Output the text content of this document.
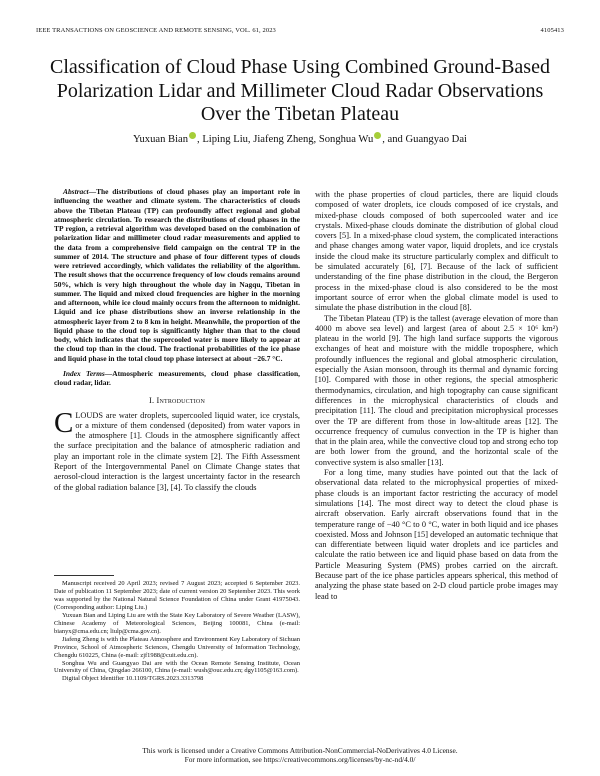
IEEE TRANSACTIONS ON GEOSCIENCE AND REMOTE SENSING, VOL. 61, 2023	4105413
Classification of Cloud Phase Using Combined Ground-Based Polarization Lidar and Millimeter Cloud Radar Observations Over the Tibetan Plateau
Yuxuan Bian , Liping Liu, Jiafeng Zheng, Songhua Wu , and Guangyao Dai

Abstract—The distributions of cloud phases play an important role in influencing the weather and climate system. The characteristics of clouds above the Tibetan Plateau (TP) can profoundly affect regional and global atmospheric circulation. To research the distributions of cloud phases in the TP region, a retrieval algorithm was developed based on the combination of polarization lidar and millimeter cloud radar measurements and applied to the data from a comprehensive field campaign on the central TP in the summer of 2014. The structure and phase of four different types of clouds were retrieved accordingly, which validates the reliability of the algorithm. The result shows that the occurrence frequency of low clouds remains around 50%, which is very high throughout the whole day in Nagqu, Tibetan in summer. The liquid and mixed cloud frequencies are higher in the morning and afternoon, while ice cloud mainly occurs from the afternoon to midnight. Liquid and ice phase distributions show an inverse relationship in the atmospheric layer from 2 to 8 km in height. Meanwhile, the proportion of the liquid phase to the cloud top is significantly higher than that to the cloud body, which indicates that the supercooled water is more likely to appear at the cloud top than in the cloud. The fractional probabilities of the ice phase and liquid phase in the total cloud top phase intersect at about −26.7 °C.

Index Terms—Atmospheric measurements, cloud phase classification, cloud radar, lidar.

I. Introduction

CLOUDS are water droplets, supercooled liquid water, ice crystals, or a mixture of them condensed (deposited) from water vapors in the atmosphere [1]. Clouds in the atmosphere significantly affect the surface precipitation and the balance of atmospheric radiation and play an important role in the climate system [2]. The Fifth Assessment Report of the Intergovernmental Panel on Climate Change states that aerosol-cloud interaction is the largest uncertainty factor in the research of the global radiation balance [3], [4]. To classify the clouds

Manuscript received 20 April 2023; revised 7 August 2023; accepted 6 September 2023. Date of publication 11 September 2023; date of current version 20 September 2023. This work was supported by the National Natural Science Foundation of China under Grant 41975043. (Corresponding author: Liping Liu.)

Yuxuan Bian and Liping Liu are with the State Key Laboratory of Severe Weather (LASW), Chinese Academy of Meteorological Sciences, Beijing 100081, China (e-mail: bianyx@cma.edu.cn; liulp@cma.gov.cn).

Jiafeng Zheng is with the Plateau Atmosphere and Environment Key Laboratory of Sichuan Province, School of Atmospheric Sciences, Chengdu University of Information Technology, Chengdu 610225, China (e-mail: zjf1988@cuit.edu.cn).

Songhua Wu and Guangyao Dai are with the Ocean Remote Sensing Institute, Ocean University of China, Qingdao 266100, China (e-mail: wush@ouc.edu.cn; dgy1105@163.com).

Digital Object Identifier 10.1109/TGRS.2023.3313798

with the phase properties of cloud particles, there are liquid clouds composed of water droplets, ice clouds composed of ice crystals, and mixed-phase clouds composed of both supercooled water and ice crystals. Mixed-phase clouds dominate the distribution of global cloud covers [5]. In a mixed-phase cloud system, the complicated interactions and phase changes among water vapor, liquid droplets, and ice crystals inside the cloud make its structure particularly complex and difficult to be simulated accurately [6], [7]. Because of the lack of sufficient understanding of the fine phase distribution in the cloud, the Bergeron process in the mixed-phase cloud is also considered to be the most important source of error when the global climate model is used to simulate the phase distribution in the cloud [8].

The Tibetan Plateau (TP) is the tallest (average elevation of more than 4000 m above sea level) and largest (area of about 2.5 × 10⁶ km²) plateau in the world [9]. The high land surface supports the vigorous exchanges of heat and moisture with the middle troposphere, which profoundly influences the regional and global atmospheric circulation, especially the Asian monsoon, through its thermal and dynamic forcing [10]. Compared with those in other regions, the special atmospheric thermodynamics, circulation, and high topography can cause significant differences in the microphysical characteristics of clouds and precipitation [11]. The cloud and precipitation microphysical processes over the TP are different from those in low-altitude areas [12]. The occurrence frequency of cumulus convection in the TP is higher than that in the plain area, while the convective cloud top and strong echo top are both lower from the ground, and the horizontal scale of the convective system is also smaller [13].

For a long time, many studies have pointed out that the lack of observational data related to the microphysical properties of mixed-phase clouds is an important factor restricting the accuracy of model simulations [14]. The most direct way to detect the cloud phase is aircraft observation. Early aircraft observations found that in the temperature range of −40 °C to 0 °C, water in both liquid and ice phases coexisted. Moss and Johnson [15] developed an automatic technique that can differentiate between liquid water droplets and ice particles and calculate the ratio between ice and liquid phase based on data from the Particle Measuring System (PMS) probes carried on the aircraft. Because part of the ice phase particles appears spherical, this method of analyzing the phase state based on 2-D cloud particle probe images may lead to

This work is licensed under a Creative Commons Attribution-NonCommercial-NoDerivatives 4.0 License.
For more information, see https://creativecommons.org/licenses/by-nc-nd/4.0/
